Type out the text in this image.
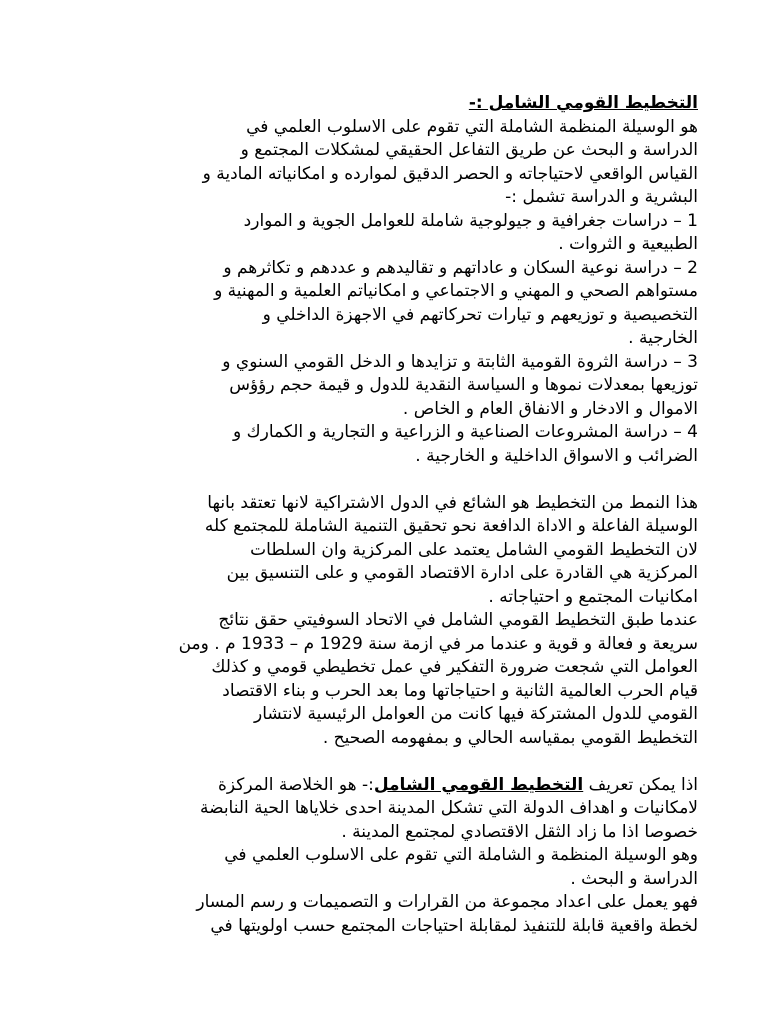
التخطيط القومي الشامل :-
هو الوسيلة المنظمة الشاملة التي تقوم على الاسلوب العلمي في
الدراسة و البحث عن طريق التفاعل الحقيقي لمشكلات المجتمع و
القياس الواقعي لاحتياجاته و الحصر الدقيق لموارده و امكانياته المادية و
البشرية و الدراسة تشمل :-
1 – دراسات جغرافية و جيولوجية شاملة للعوامل الجوية و الموارد
الطبيعية و الثروات .
2 – دراسة نوعية السكان و عاداتهم و تقاليدهم و عددهم و تكاثرهم و
مستواهم الصحي و المهني و الاجتماعي و امكانياتم العلمية و المهنية و
التخصيصية و توزيعهم و تيارات تحركاتهم في الاجهزة الداخلي و
الخارجية .
3 – دراسة الثروة القومية الثابتة و تزايدها و الدخل القومي السنوي و
توزيعها بمعدلات نموها و السياسة النقدية للدول و قيمة حجم رؤؤس
الاموال و الادخار و الانفاق العام و الخاص .
4 – دراسة المشروعات الصناعية و الزراعية و التجارية و الكمارك و
الضرائب و الاسواق الداخلية و الخارجية .
هذا النمط من التخطيط هو الشائع في الدول الاشتراكية لانها تعتقد بانها
الوسيلة الفاعلة و الاداة الدافعة نحو تحقيق التنمية الشاملة للمجتمع كله
لان التخطيط القومي الشامل يعتمد على المركزية وان السلطات
المركزية هي القادرة على ادارة الاقتصاد القومي و على التنسيق بين
امكانيات المجتمع و احتياجاته .
عندما طبق التخطيط القومي الشامل في الاتحاد السوفيتي حقق نتائج
سريعة و فعالة و قوية و عندما مر في ازمة سنة 1929 م – 1933 م . ومن
العوامل التي شجعت ضرورة التفكير في عمل تخطيطي قومي و كذلك
قيام الحرب العالمية الثانية و احتياجاتها وما بعد الحرب و بناء الاقتصاد
القومي للدول المشتركة فيها كانت من العوامل الرئيسية لانتشار
التخطيط القومي بمقياسه الحالي و بمفهومه الصحيح .
اذا يمكن تعريف التخطيط القومي الشامل:- هو الخلاصة المركزة
لامكانيات و اهداف الدولة التي تشكل المدينة احدى خلاياها الحية النابضة
خصوصا اذا ما زاد الثقل الاقتصادي لمجتمع المدينة .
وهو الوسيلة المنظمة و الشاملة التي تقوم على الاسلوب العلمي في
الدراسة و البحث .
فهو يعمل على اعداد مجموعة من القرارات و التصميمات و رسم المسار
لخطة واقعية قابلة للتنفيذ لمقابلة احتياجات المجتمع حسب اولويتها في
